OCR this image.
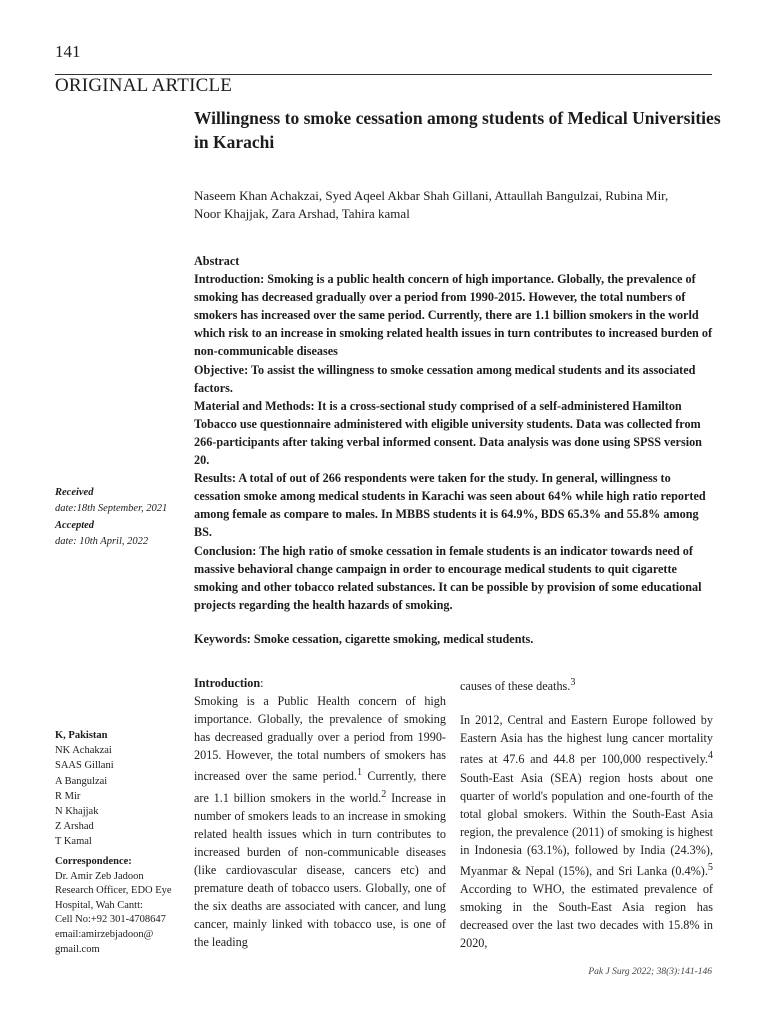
141
ORIGINAL ARTICLE
Willingness to smoke cessation among students of Medical Universities in Karachi
Naseem Khan Achakzai, Syed Aqeel Akbar Shah Gillani, Attaullah Bangulzai, Rubina Mir, Noor Khajjak, Zara Arshad, Tahira kamal

Abstract

Introduction: Smoking is a public health concern of high importance. Globally, the prevalence of smoking has decreased gradually over a period from 1990-2015. However, the total numbers of smokers has increased over the same period. Currently, there are 1.1 billion smokers in the world which risk to an increase in smoking related health issues in turn contributes to increased burden of non-communicable diseases

Objective: To assist the willingness to smoke cessation among medical students and its associated factors.

Material and Methods: It is a cross-sectional study comprised of a self-administered Hamilton Tobacco use questionnaire administered with eligible university students. Data was collected from 266-participants after taking verbal informed consent. Data analysis was done using SPSS version 20.

Results: A total of out of 266 respondents were taken for the study. In general, willingness to cessation smoke among medical students in Karachi was seen about 64% while high ratio reported among female as compare to males. In MBBS students it is 64.9%, BDS 65.3% and 55.8% among BS.

Conclusion: The high ratio of smoke cessation in female students is an indicator towards need of massive behavioral change campaign in order to encourage medical students to quit cigarette smoking and other tobacco related substances. It can be possible by provision of some educational projects regarding the health hazards of smoking.

Keywords: Smoke cessation, cigarette smoking, medical students.
Received
date:18th September, 2021
Accepted
date: 10th April, 2022
K, Pakistan
NK Achakzai
SAAS Gillani
A Bangulzai
R Mir
N Khajjak
Z Arshad
T Kamal
Correspondence:
Dr. Amir Zeb Jadoon
Research Officer, EDO Eye
Hospital, Wah Cantt:
Cell No:+92 301-4708647
email:amirzebjadoon@
gmail.com
Introduction:
Smoking is a Public Health concern of high importance. Globally, the prevalence of smoking has decreased gradually over a period from 1990-2015. However, the total numbers of smokers has increased over the same period.$^1$ Currently, there are 1.1 billion smokers in the world.$^2$ Increase in number of smokers leads to an increase in smoking related health issues which in turn contributes to increased burden of non-communicable diseases (like cardiovascular disease, cancers etc) and premature death of tobacco users. Globally, one of the six deaths are associated with cancer, and lung cancer, mainly linked with tobacco use, is one of the leading

causes of these deaths.$^3$

In 2012, Central and Eastern Europe followed by Eastern Asia has the highest lung cancer mortality rates at 47.6 and 44.8 per 100,000 respectively.$^4$ South-East Asia (SEA) region hosts about one quarter of world's population and one-fourth of the total global smokers. Within the South-East Asia region, the prevalence (2011) of smoking is highest in Indonesia (63.1%), followed by India (24.3%), Myanmar & Nepal (15%), and Sri Lanka (0.4%).$^5$ According to WHO, the estimated prevalence of smoking in the South-East Asia region has decreased over the last two decades with 15.8% in 2020,

Pak J Surg 2022; 38(3):141-146
